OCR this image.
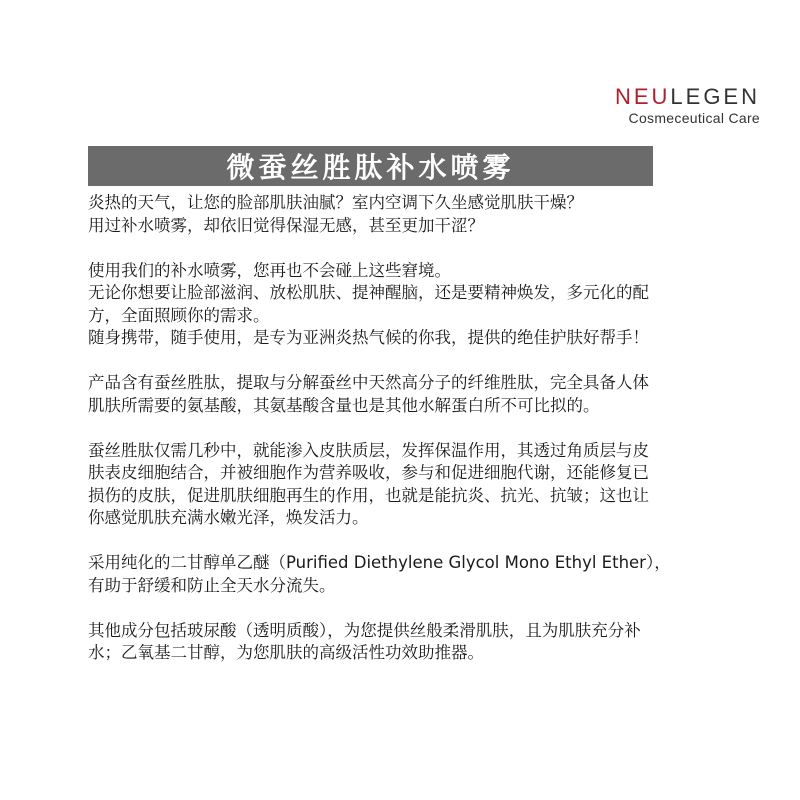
NEULEGEN
Cosmeceutical Care
微蚕丝胜肽补水喷雾

炎热的天气，让您的脸部肌肤油腻？室内空调下久坐感觉肌肤干燥？
用过补水喷雾，却依旧觉得保湿无感，甚至更加干涩？

使用我们的补水喷雾，您再也不会碰上这些窘境。
无论你想要让脸部滋润、放松肌肤、提神醒脑，还是要精神焕发，多元化的配
方，全面照顾你的需求。
随身携带，随手使用，是专为亚洲炎热气候的你我，提供的绝佳护肤好帮手！

产品含有蚕丝胜肽，提取与分解蚕丝中天然高分子的纤维胜肽，完全具备人体
肌肤所需要的氨基酸，其氨基酸含量也是其他水解蛋白所不可比拟的。

蚕丝胜肽仅需几秒中，就能渗入皮肤质层，发挥保温作用，其透过角质层与皮
肤表皮细胞结合，并被细胞作为营养吸收，参与和促进细胞代谢，还能修复已
损伤的皮肤，促进肌肤细胞再生的作用，也就是能抗炎、抗光、抗皱；这也让
你感觉肌肤充满水嫩光泽，焕发活力。

采用纯化的二甘醇单乙醚（Purified Diethylene Glycol Mono Ethyl Ether），
有助于舒缓和防止全天水分流失。

其他成分包括玻尿酸（透明质酸），为您提供丝般柔滑肌肤，且为肌肤充分补
水；乙氧基二甘醇，为您肌肤的高级活性功效助推器。
